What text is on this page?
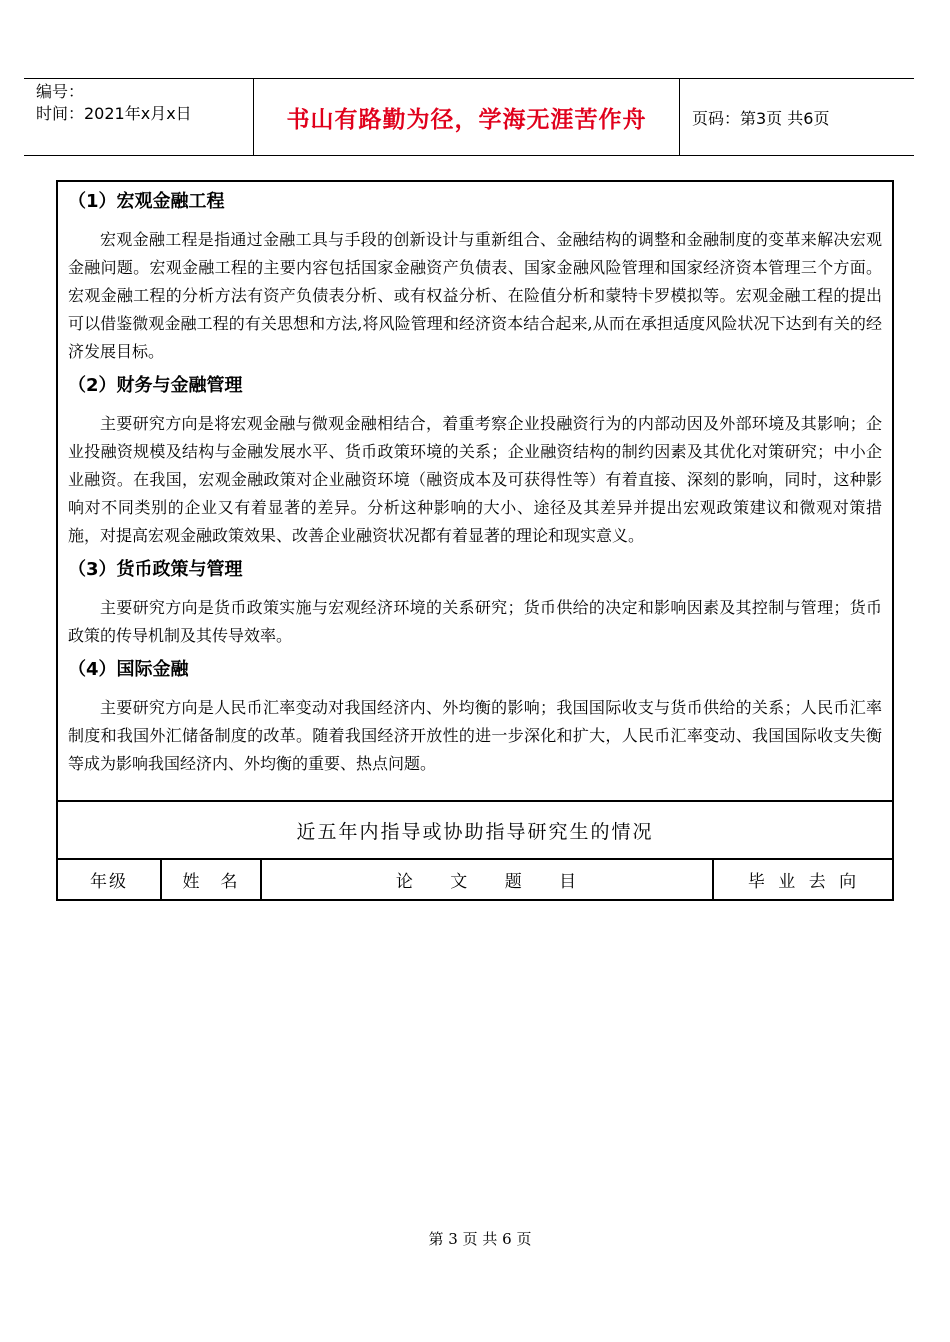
编号：
时间：2021年x月x日	书山有路勤为径，学海无涯苦作舟	页码：第3页 共6页
（1）宏观金融工程

宏观金融工程是指通过金融工具与手段的创新设计与重新组合、金融结构的调整和金融制度的变革来解决宏观金融问题。宏观金融工程的主要内容包括国家金融资产负债表、国家金融风险管理和国家经济资本管理三个方面。宏观金融工程的分析方法有资产负债表分析、或有权益分析、在险值分析和蒙特卡罗模拟等。宏观金融工程的提出可以借鉴微观金融工程的有关思想和方法,将风险管理和经济资本结合起来,从而在承担适度风险状况下达到有关的经济发展目标。

（2）财务与金融管理

主要研究方向是将宏观金融与微观金融相结合，着重考察企业投融资行为的内部动因及外部环境及其影响；企业投融资规模及结构与金融发展水平、货币政策环境的关系；企业融资结构的制约因素及其优化对策研究；中小企业融资。在我国，宏观金融政策对企业融资环境（融资成本及可获得性等）有着直接、深刻的影响，同时，这种影响对不同类别的企业又有着显著的差异。分析这种影响的大小、途径及其差异并提出宏观政策建议和微观对策措施，对提高宏观金融政策效果、改善企业融资状况都有着显著的理论和现实意义。

（3）货币政策与管理

主要研究方向是货币政策实施与宏观经济环境的关系研究；货币供给的决定和影响因素及其控制与管理；货币政策的传导机制及其传导效率。

（4）国际金融

主要研究方向是人民币汇率变动对我国经济内、外均衡的影响；我国国际收支与货币供给的关系；人民币汇率制度和我国外汇储备制度的改革。随着我国经济开放性的进一步深化和扩大，人民币汇率变动、我国国际收支失衡等成为影响我国经济内、外均衡的重要、热点问题。

近五年内指导或协助指导研究生的情况
年级	姓　名	论 文 题 目	毕 业 去 向
第 3 页 共 6 页
